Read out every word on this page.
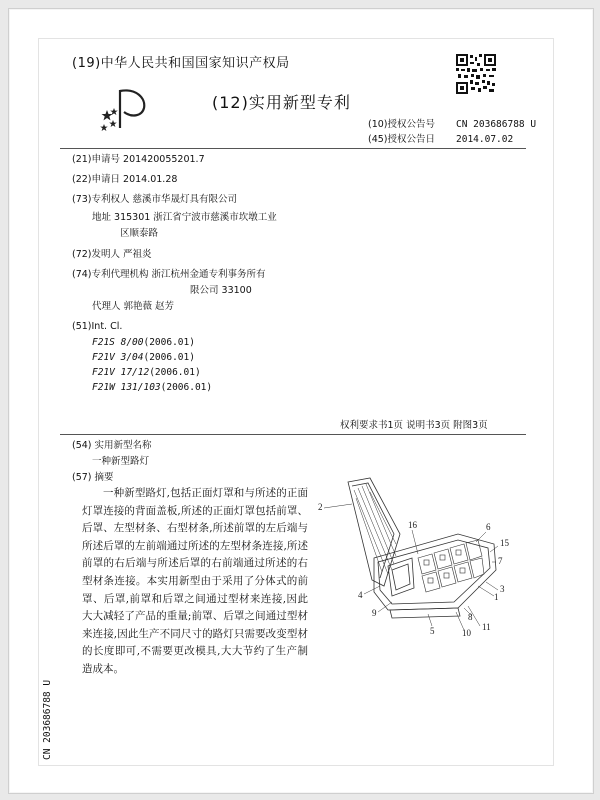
(19)中华人民共和国国家知识产权局
(12)实用新型专利
(10)授权公告号 CN 203686788 U
(45)授权公告日 2014.07.02
(21)申请号 201420055201.7
(22)申请日 2014.01.28
(73)专利权人 慈溪市华晟灯具有限公司
地址 315301 浙江省宁波市慈溪市坎墩工业
区顺泰路
(72)发明人 严祖炎
(74)专利代理机构 浙江杭州金通专利事务所有
限公司 33100
代理人 郭艳薇 赵芳
(51)Int. Cl.
F21S 8/00(2006.01)
F21V 3/04(2006.01)
F21V 17/12(2006.01)
F21W 131/103(2006.01)
权利要求书1页 说明书3页 附图3页
(54) 实用新型名称
一种新型路灯
(57) 摘要

一种新型路灯,包括正面灯罩和与所述的正面灯罩连接的背面盖板,所述的正面灯罩包括前罩、后罩、左型材条、右型材条,所述前罩的左后端与所述后罩的左前端通过所述的左型材条连接,所述前罩的右后端与所述后罩的右前端通过所述的右型材条连接。本实用新型由于采用了分体式的前罩、后罩,前罩和后罩之间通过型材来连接,因此大大减轻了产品的重量;前罩、后罩之间通过型材来连接,因此生产不同尺寸的路灯只需要改变型材的长度即可,不需要更改模具,大大节约了生产制造成本。

2
16	6
15
7
3
4
9
5	10
11
8
1
CN 203686788 U
